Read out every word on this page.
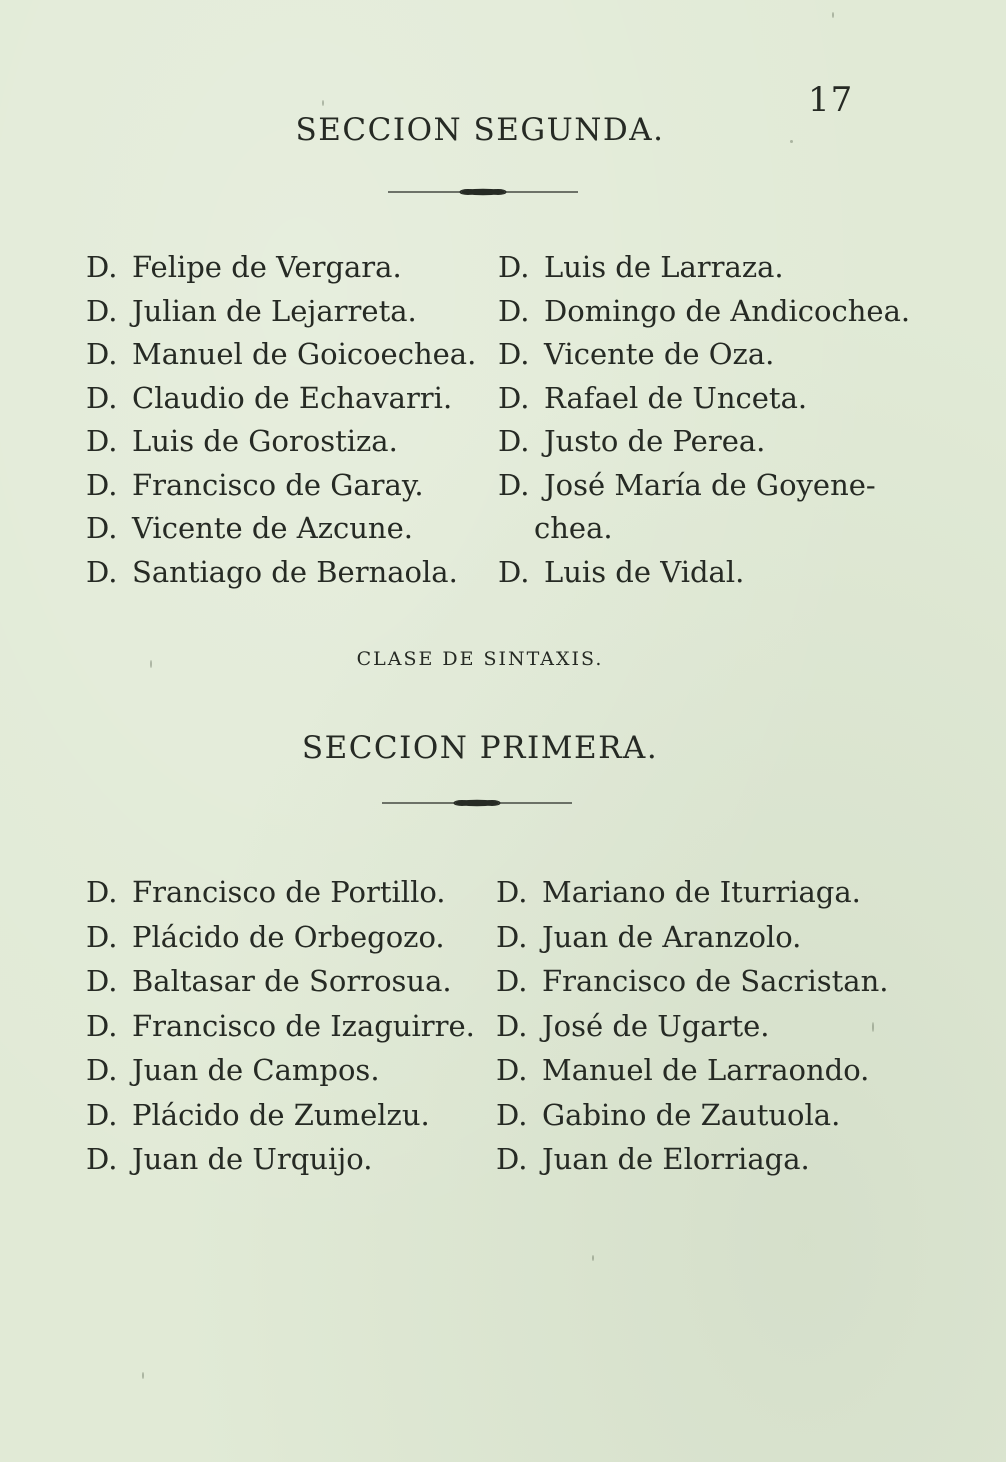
17
SECCION SEGUNDA.
D. Felipe de Vergara.
D. Julian de Lejarreta.
D. Manuel de Goicoechea.
D. Claudio de Echavarri.
D. Luis de Gorostiza.
D. Francisco de Garay.
D. Vicente de Azcune.
D. Santiago de Bernaola.
D. Luis de Larraza.
D. Domingo de Andicochea.
D. Vicente de Oza.
D. Rafael de Unceta.
D. Justo de Perea.
D. José María de Goyene-
chea.
D. Luis de Vidal.
CLASE DE SINTAXIS.
SECCION PRIMERA.
D. Francisco de Portillo.
D. Plácido de Orbegozo.
D. Baltasar de Sorrosua.
D. Francisco de Izaguirre.
D. Juan de Campos.
D. Plácido de Zumelzu.
D. Juan de Urquijo.
D. Mariano de Iturriaga.
D. Juan de Aranzolo.
D. Francisco de Sacristan.
D. José de Ugarte.
D. Manuel de Larraondo.
D. Gabino de Zautuola.
D. Juan de Elorriaga.
